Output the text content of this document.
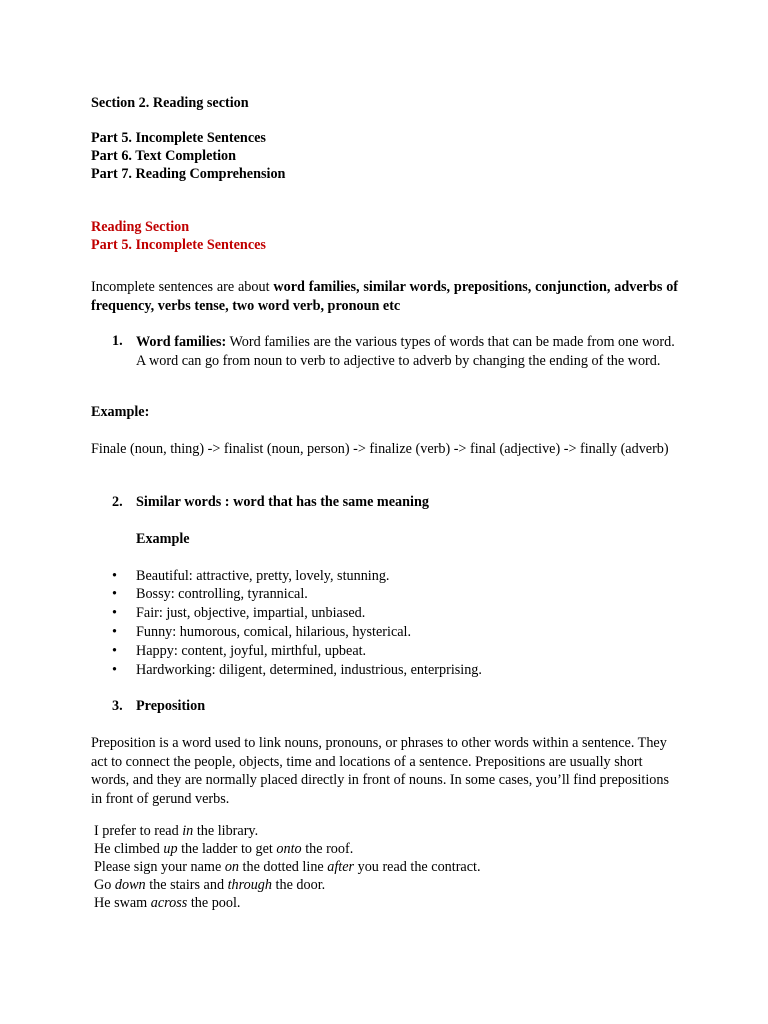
Section 2. Reading section
Part 5. Incomplete Sentences
Part 6. Text Completion
Part 7. Reading Comprehension
Reading Section
Part 5. Incomplete Sentences
Incomplete sentences are about word families, similar words, prepositions, conjunction, adverbs of frequency, verbs tense, two word verb, pronoun etc
1. Word families: Word families are the various types of words that can be made from one word. A word can go from noun to verb to adjective to adverb by changing the ending of the word.
Example:
Finale (noun, thing) -> finalist (noun, person) -> finalize (verb) -> final (adjective) -> finally (adverb)
2. Similar words : word that has the same meaning
Example
• Beautiful: attractive, pretty, lovely, stunning.
• Bossy: controlling, tyrannical.
• Fair: just, objective, impartial, unbiased.
• Funny: humorous, comical, hilarious, hysterical.
• Happy: content, joyful, mirthful, upbeat.
• Hardworking: diligent, determined, industrious, enterprising.
3. Preposition
Preposition is a word used to link nouns, pronouns, or phrases to other words within a sentence. They act to connect the people, objects, time and locations of a sentence. Prepositions are usually short words, and they are normally placed directly in front of nouns. In some cases, you’ll find prepositions in front of gerund verbs.
I prefer to read in the library.
He climbed up the ladder to get onto the roof.
Please sign your name on the dotted line after you read the contract.
Go down the stairs and through the door.
He swam across the pool.
